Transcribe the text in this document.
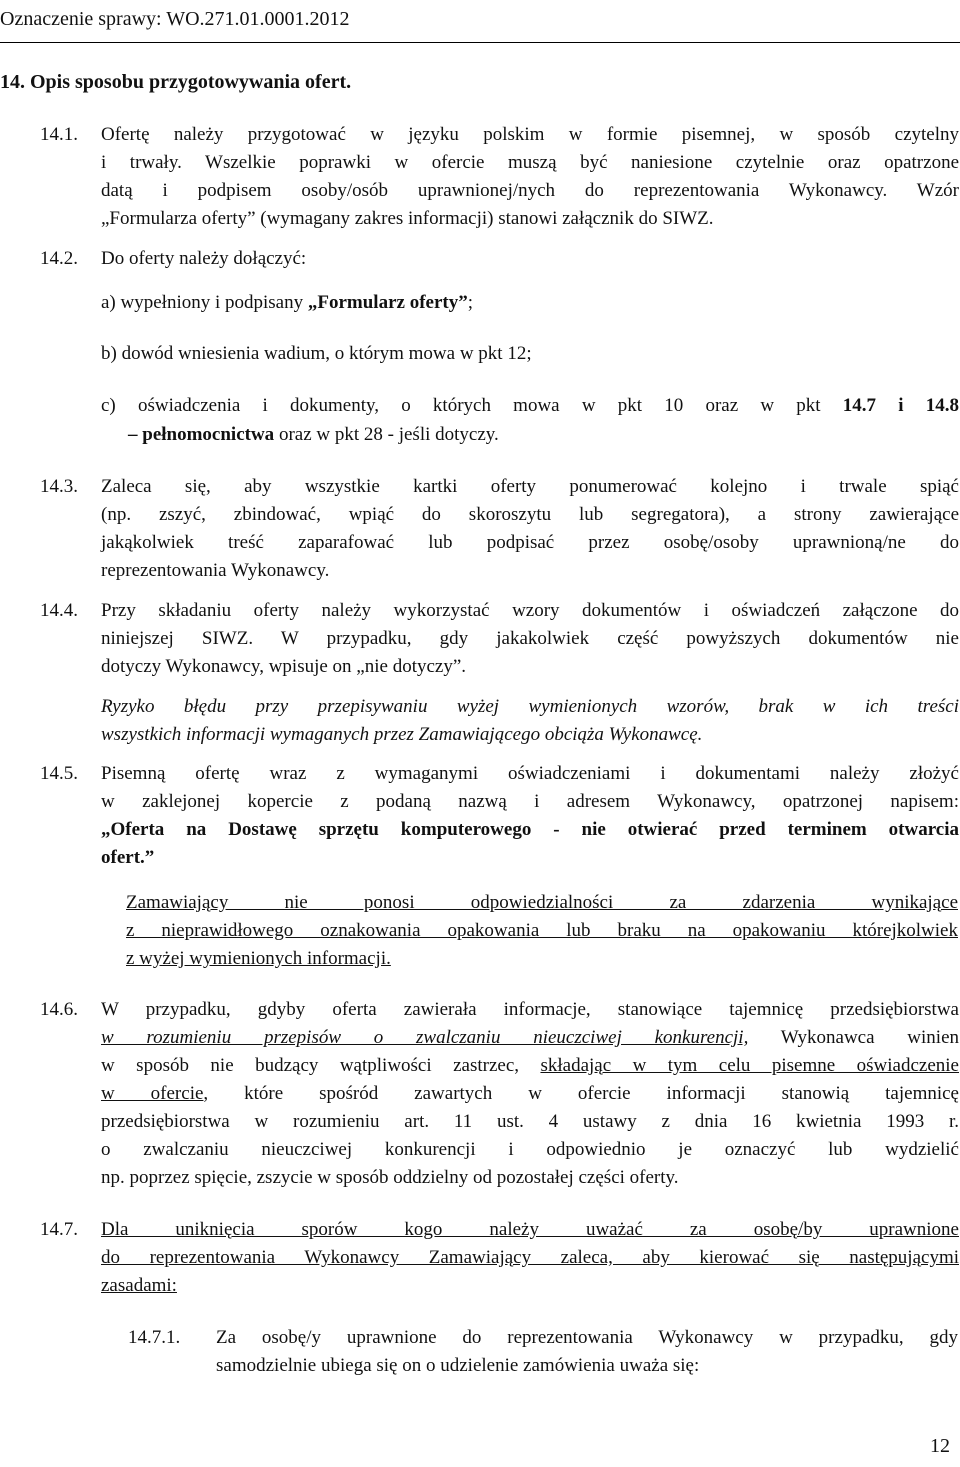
Oznaczenie sprawy: WO.271.01.0001.2012
14. Opis sposobu przygotowywania ofert.
14.1. Ofertę należy przygotować w języku polskim w formie pisemnej, w sposób czytelny
i trwały. Wszelkie poprawki w ofercie muszą być naniesione czytelnie oraz opatrzone
datą i podpisem osoby/osób uprawnionej/nych do reprezentowania Wykonawcy. Wzór
„Formularza oferty” (wymagany zakres informacji) stanowi załącznik do SIWZ.
14.2. Do oferty należy dołączyć:
a) wypełniony i podpisany „Formularz oferty”;
b) dowód wniesienia wadium, o którym mowa w pkt 12;
c) oświadczenia i dokumenty, o których mowa w pkt 10 oraz w pkt 14.7 i 14.8
– pełnomocnictwa oraz w pkt 28 - jeśli dotyczy.
14.3. Zaleca się, aby wszystkie kartki oferty ponumerować kolejno i trwale spiąć
(np. zszyć, zbindować, wpiąć do skoroszytu lub segregatora), a strony zawierające
jakąkolwiek treść zaparafować lub podpisać przez osobę/osoby uprawnioną/ne do
reprezentowania Wykonawcy.
14.4. Przy składaniu oferty należy wykorzystać wzory dokumentów i oświadczeń załączone do
niniejszej SIWZ. W przypadku, gdy jakakolwiek część powyższych dokumentów nie
dotyczy Wykonawcy, wpisuje on „nie dotyczy”.
Ryzyko błędu przy przepisywaniu wyżej wymienionych wzorów, brak w ich treści
wszystkich informacji wymaganych przez Zamawiającego obciąża Wykonawcę.
14.5. Pisemną ofertę wraz z wymaganymi oświadczeniami i dokumentami należy złożyć
w zaklejonej kopercie z podaną nazwą i adresem Wykonawcy, opatrzonej napisem:
„Oferta na Dostawę sprzętu komputerowego - nie otwierać przed terminem otwarcia
ofert.”
Zamawiający nie ponosi odpowiedzialności za zdarzenia wynikające
z nieprawidłowego oznakowania opakowania lub braku na opakowaniu którejkolwiek
z wyżej wymienionych informacji.
14.6. W przypadku, gdyby oferta zawierała informacje, stanowiące tajemnicę przedsiębiorstwa
w rozumieniu przepisów o zwalczaniu nieuczciwej konkurencji, Wykonawca winien
w sposób nie budzący wątpliwości zastrzec, składając w tym celu pisemne oświadczenie
w ofercie, które spośród zawartych w ofercie informacji stanowią tajemnicę
przedsiębiorstwa w rozumieniu art. 11 ust. 4 ustawy z dnia 16 kwietnia 1993 r.
o zwalczaniu nieuczciwej konkurencji i odpowiednio je oznaczyć lub wydzielić
np. poprzez spięcie, zszycie w sposób oddzielny od pozostałej części oferty.
14.7. Dla uniknięcia sporów kogo należy uważać za osobę/by uprawnione
do reprezentowania Wykonawcy Zamawiający zaleca, aby kierować się następującymi
zasadami:
14.7.1. Za osobę/y uprawnione do reprezentowania Wykonawcy w przypadku, gdy
samodzielnie ubiega się on o udzielenie zamówienia uważa się:
12
